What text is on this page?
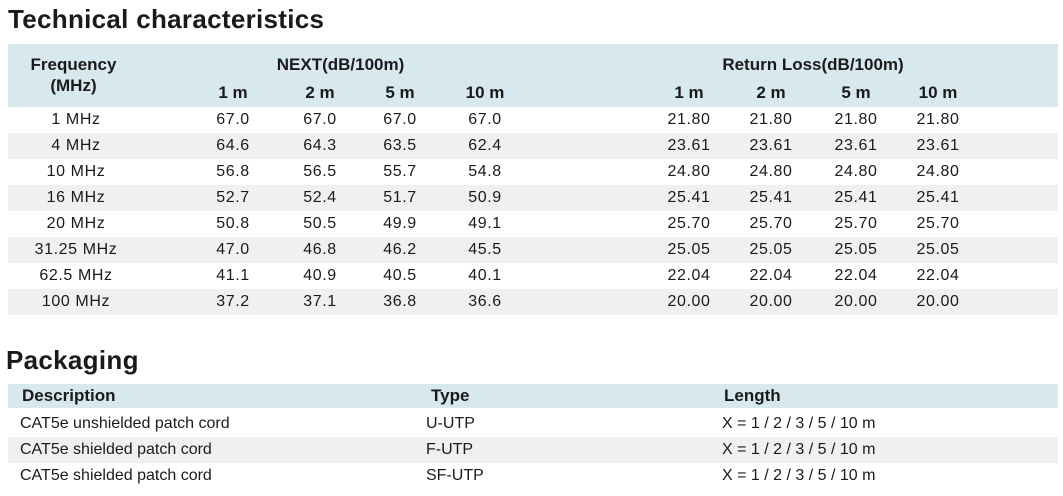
Technical characteristics
Frequency
(MHz)
NEXT(dB/100m)	Return Loss(dB/100m)
1 m	2 m	5 m	10 m	1 m	2 m	5 m	10 m
1 MHz	67.0	67.0	67.0	67.0	21.80	21.80	21.80	21.80
4 MHz	64.6	64.3	63.5	62.4	23.61	23.61	23.61	23.61
10 MHz	56.8	56.5	55.7	54.8	24.80	24.80	24.80	24.80
16 MHz	52.7	52.4	51.7	50.9	25.41	25.41	25.41	25.41
20 MHz	50.8	50.5	49.9	49.1	25.70	25.70	25.70	25.70
31.25 MHz	47.0	46.8	46.2	45.5	25.05	25.05	25.05	25.05
62.5 MHz	41.1	40.9	40.5	40.1	22.04	22.04	22.04	22.04
100 MHz	37.2	37.1	36.8	36.6	20.00	20.00	20.00	20.00
Packaging
Description	Type	Length
CAT5e unshielded patch cord	U-UTP	X = 1 / 2 / 3 / 5 / 10 m
CAT5e shielded patch cord	F-UTP	X = 1 / 2 / 3 / 5 / 10 m
CAT5e shielded patch cord	SF-UTP	X = 1 / 2 / 3 / 5 / 10 m
